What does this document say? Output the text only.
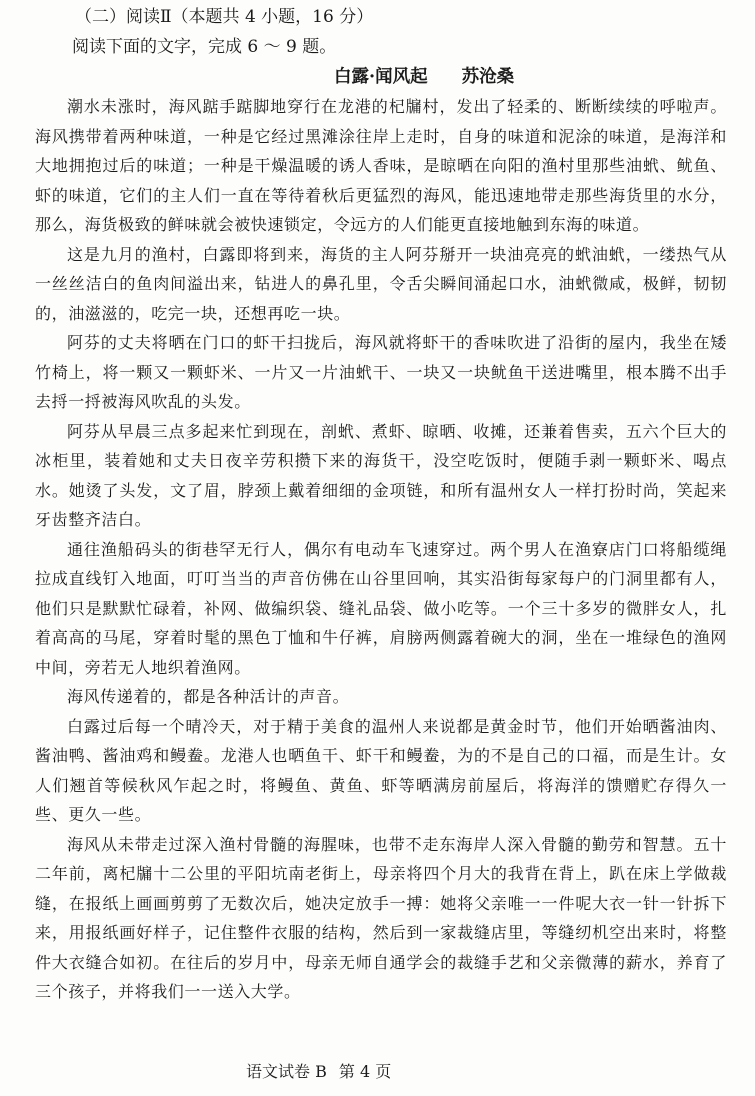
（二）阅读Ⅱ（本题共 4 小题，16 分）
阅读下面的文字，完成 6 ～ 9 题。
白露·闻风起 苏沧桑

潮水未涨时，海风踮手踮脚地穿行在龙港的杞牖村，发出了轻柔的、断断续续的呼啦声。海风携带着两种味道，一种是它经过黑滩涂往岸上走时，自身的味道和泥涂的味道，是海洋和大地拥抱过后的味道；一种是干燥温暖的诱人香味，是晾晒在向阳的渔村里那些油蚮、鱿鱼、虾的味道，它们的主人们一直在等待着秋后更猛烈的海风，能迅速地带走那些海货里的水分，那么，海货极致的鲜味就会被快速锁定，令远方的人们能更直接地触到东海的味道。

这是九月的渔村，白露即将到来，海货的主人阿芬掰开一块油亮亮的蚮油蚮，一缕热气从一丝丝洁白的鱼肉间溢出来，钻进人的鼻孔里，令舌尖瞬间涌起口水，油蚮微咸，极鲜，韧韧的，油滋滋的，吃完一块，还想再吃一块。

阿芬的丈夫将晒在门口的虾干扫拢后，海风就将虾干的香味吹进了沿街的屋内，我坐在矮竹椅上，将一颗又一颗虾米、一片又一片油蚮干、一块又一块鱿鱼干送进嘴里，根本腾不出手去捋一捋被海风吹乱的头发。

阿芬从早晨三点多起来忙到现在，剖蚮、煮虾、晾晒、收摊，还兼着售卖，五六个巨大的冰柜里，装着她和丈夫日夜辛劳积攒下来的海货干，没空吃饭时，便随手剥一颗虾米、喝点水。她烫了头发，文了眉，脖颈上戴着细细的金项链，和所有温州女人一样打扮时尚，笑起来牙齿整齐洁白。

通往渔船码头的街巷罕无行人，偶尔有电动车飞速穿过。两个男人在渔寮店门口将船缆绳拉成直线钉入地面，叮叮当当的声音仿佛在山谷里回响，其实沿街每家每户的门洞里都有人，他们只是默默忙碌着，补网、做编织袋、缝礼品袋、做小吃等。一个三十多岁的微胖女人，扎着高高的马尾，穿着时髦的黑色丁恤和牛仔裤，肩膀两侧露着碗大的洞，坐在一堆绿色的渔网中间，旁若无人地织着渔网。

海风传递着的，都是各种活计的声音。

白露过后每一个晴冷天，对于精于美食的温州人来说都是黄金时节，他们开始晒酱油肉、酱油鸭、酱油鸡和鳗鲞。龙港人也晒鱼干、虾干和鳗鲞，为的不是自己的口福，而是生计。女人们翘首等候秋风乍起之时，将鳗鱼、黄鱼、虾等晒满房前屋后，将海洋的馈赠贮存得久一些、更久一些。

海风从未带走过深入渔村骨髓的海腥味，也带不走东海岸人深入骨髓的勤劳和智慧。五十二年前，离杞牖十二公里的平阳坑南老街上，母亲将四个月大的我背在背上，趴在床上学做裁缝，在报纸上画画剪剪了无数次后，她决定放手一搏：她将父亲唯一一件呢大衣一针一针拆下来，用报纸画好样子，记住整件衣服的结构，然后到一家裁缝店里，等缝纫机空出来时，将整件大衣缝合如初。在往后的岁月中，母亲无师自通学会的裁缝手艺和父亲微薄的薪水，养育了三个孩子，并将我们一一送入大学。

语文试卷 B 第 4 页
